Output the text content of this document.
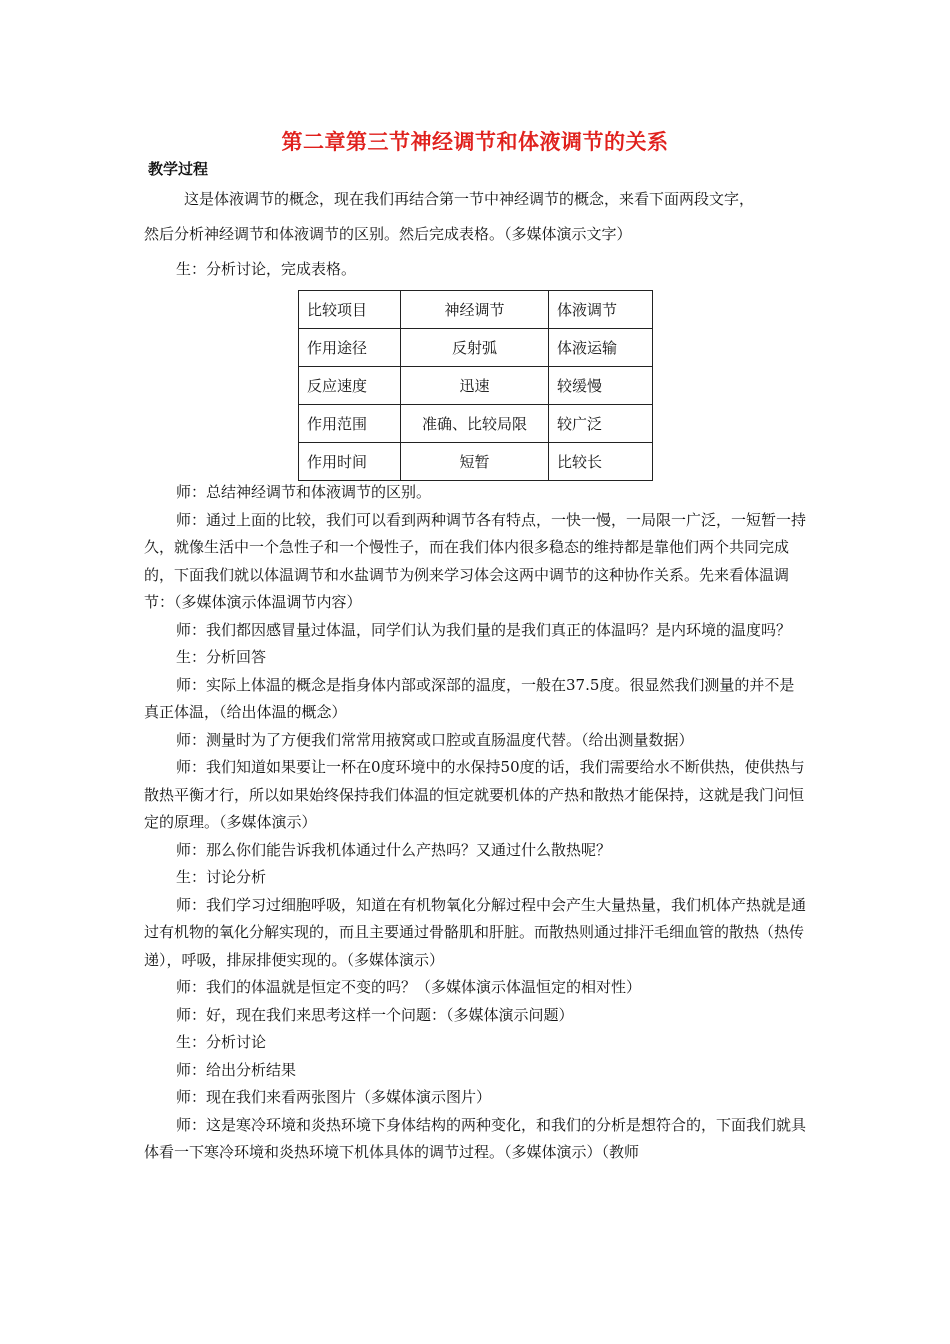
第二章第三节神经调节和体液调节的关系
教学过程

这是体液调节的概念，现在我们再结合第一节中神经调节的概念，来看下面两段文字，

然后分析神经调节和体液调节的区别。然后完成表格。（多媒体演示文字）

生：分析讨论，完成表格。

比较项目	神经调节	体液调节
作用途径	反射弧	体液运输
反应速度	迅速	较缓慢
作用范围	准确、比较局限	较广泛
作用时间	短暂	比较长

师：总结神经调节和体液调节的区别。

师：通过上面的比较，我们可以看到两种调节各有特点，一快一慢，一局限一广泛，一短暂一持久，就像生活中一个急性子和一个慢性子，而在我们体内很多稳态的维持都是靠他们两个共同完成的，下面我们就以体温调节和水盐调节为例来学习体会这两中调节的这种协作关系。先来看体温调节：（多媒体演示体温调节内容）

师：我们都因感冒量过体温，同学们认为我们量的是我们真正的体温吗？是内环境的温度吗？

生：分析回答

师：实际上体温的概念是指身体内部或深部的温度，一般在37.5度。很显然我们测量的并不是真正体温，（给出体温的概念）

师：测量时为了方便我们常常用掖窝或口腔或直肠温度代替。（给出测量数据）

师：我们知道如果要让一杯在0度环境中的水保持50度的话，我们需要给水不断供热，使供热与散热平衡才行，所以如果始终保持我们体温的恒定就要机体的产热和散热才能保持，这就是我门问恒定的原理。（多媒体演示）

师：那么你们能告诉我机体通过什么产热吗？又通过什么散热呢？

生：讨论分析

师：我们学习过细胞呼吸，知道在有机物氧化分解过程中会产生大量热量，我们机体产热就是通过有机物的氧化分解实现的，而且主要通过骨骼肌和肝脏。而散热则通过排汗毛细血管的散热（热传递），呼吸，排尿排便实现的。（多媒体演示）

师：我们的体温就是恒定不变的吗？（多媒体演示体温恒定的相对性）

师：好，现在我们来思考这样一个问题：（多媒体演示问题）

生：分析讨论

师：给出分析结果

师：现在我们来看两张图片（多媒体演示图片）

师：这是寒冷环境和炎热环境下身体结构的两种变化，和我们的分析是想符合的，下面我们就具体看一下寒冷环境和炎热环境下机体具体的调节过程。（多媒体演示）（教师
